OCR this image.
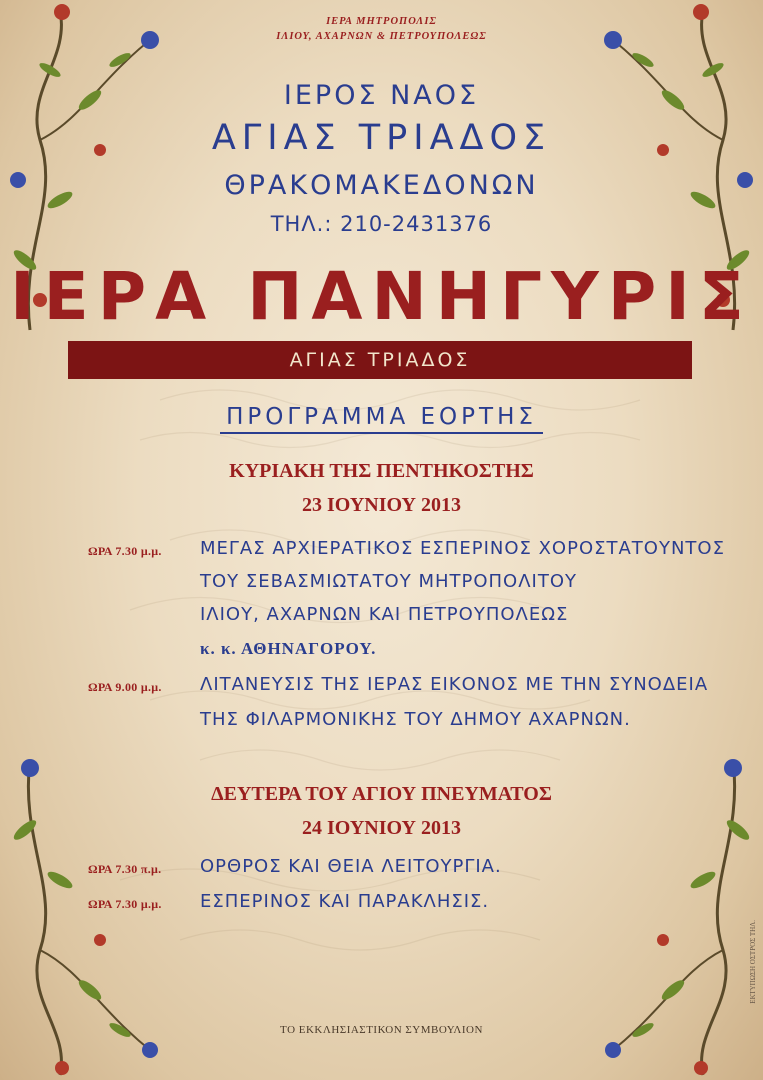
ΙΕΡΑ ΜΗΤΡΟΠΟΛΙΣ
ΙΛΙΟΥ, ΑΧΑΡΝΩΝ & ΠΕΤΡΟΥΠΟΛΕΩΣ
ΙΕΡΟΣ ΝΑΟΣ
ΑΓΙΑΣ ΤΡΙΑΔΟΣ
ΘΡΑΚΟΜΑΚΕΔΟΝΩΝ
ΤΗΛ.: 210-2431376
ΙΕΡΑ ΠΑΝΗΓΥΡΙΣ
ΑΓΙΑΣ ΤΡΙΑΔΟΣ
ΠΡΟΓΡΑΜΜΑ ΕΟΡΤΗΣ
ΚΥΡΙΑΚΗ ΤΗΣ ΠΕΝΤΗΚΟΣΤΗΣ
23 ΙΟΥΝΙΟΥ 2013
ΩΡΑ 7.30 μ.μ. ΜΕΓΑΣ ΑΡΧΙΕΡΑΤΙΚΟΣ ΕΣΠΕΡΙΝΟΣ ΧΟΡΟΣΤΑΤΟΥΝΤΟΣ
ΤΟΥ ΣΕΒΑΣΜΙΩΤΑΤΟΥ ΜΗΤΡΟΠΟΛΙΤΟΥ
ΙΛΙΟΥ, ΑΧΑΡΝΩΝ ΚΑΙ ΠΕΤΡΟΥΠΟΛΕΩΣ
κ. κ. ΑΘΗΝΑΓΟΡΟΥ.
ΩΡΑ 9.00 μ.μ. ΛΙΤΑΝΕΥΣΙΣ ΤΗΣ ΙΕΡΑΣ ΕΙΚΟΝΟΣ ΜΕ ΤΗΝ ΣΥΝΟΔΕΙΑ
ΤΗΣ ΦΙΛΑΡΜΟΝΙΚΗΣ ΤΟΥ ΔΗΜΟΥ ΑΧΑΡΝΩΝ.
ΔΕΥΤΕΡΑ ΤΟΥ ΑΓΙΟΥ ΠΝΕΥΜΑΤΟΣ
24 ΙΟΥΝΙΟΥ 2013
ΩΡΑ 7.30 π.μ. ΟΡΘΡΟΣ ΚΑΙ ΘΕΙΑ ΛΕΙΤΟΥΡΓΙΑ.
ΩΡΑ 7.30 μ.μ. ΕΣΠΕΡΙΝΟΣ ΚΑΙ ΠΑΡΑΚΛΗΣΙΣ.
ΤΟ ΕΚΚΛΗΣΙΑΣΤΙΚΟΝ ΣΥΜΒΟΥΛΙΟΝ
ΕΚΤΥΠΩΣΗ ΟΣΤΡΟΣ ΤΗΛ.
